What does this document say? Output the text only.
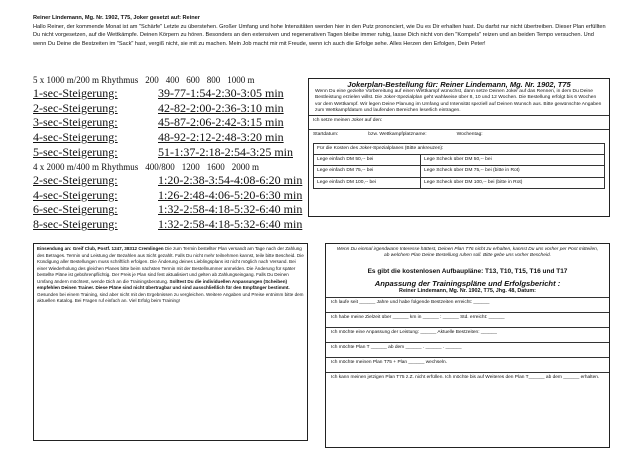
Reiner Lindemann, Mg. Nr. 1902, T75, Joker gesetzt auf: Reiner
Hallo Reiner, der kommende Monat ist am "Schärfe" Letzte zu überstehen. Großer Umfang und hohe Intensitäten werden hier in den Putz prononciert, wie Du es Dir erhalten hast. Du darfst nur nicht übertreiben. Dieser Plan erfüllten Du nicht vorgesetzen, auf die Wettkämpfe. Deinen Körpern zu hören. Besonders an den extensiven und regenerativen Tagen bleibe immer ruhig, lasse Dich nicht von den "Kompels" reizen und an beiden Tempo versuchen. Und wenn Du Deine die Bestzeiten im "Sack" hast, vergiß nicht, sie mit zu machen. Mein Job macht mir mit Freude, wenn ich auch die Erfolge sehe. Alles Herzen den Erfolgen, Dein Peter!
5 x 1000 m/200 m Rhythmus 200 400 600 800 1000 m
1-sec-Steigerung:	39-77-1:54-2:30-3:05 min
2-sec-Steigerung:	42-82-2:00-2:36-3:10 min
3-sec-Steigerung:	45-87-2:06-2:42-3:15 min
4-sec-Steigerung:	48-92-2:12-2:48-3:20 min
5-sec-Steigerung:	51-1:37-2:18-2:54-3:25 min
4 x 2000 m/400 m Rhythmus 400/800 1200 1600 2000 m
2-sec-Steigerung:	1:20-2:38-3:54-4:08-6:20 min
4-sec-Steigerung:	1:26-2:48-4:06-5:20-6:30 min
6-sec-Steigerung:	1:32-2:58-4:18-5:32-6:40 min
8-sec-Steigerung:	1:32-2:58-4:18-5:32-6:40 min
Jokerplan-Bestellung für: Reiner Lindemann, Mg. Nr. 1902, T75
Wenn Du eine gezielte Vorbereitung auf einen Wettkampf wünschst, dann setze Deinen Joker auf das Rennen, in dem Du Deine Bestleistung erzielen willst. Die Joker-Spezialplan geht wahlweise über 8, 10 und 12 Wochen. Die Bestellung erfolgt bis 6 Wochen vor dem Wettkampf. Wir legen Deine Planung im Umfang und Intensität speziell auf Deinen Wunsch aus. Bitte gewünschte Angaben zum Wettkampfdatum und laufenden Bereichen leserlich eintragen.
Ich setze meinen Joker auf den:
Startdatum:	bzw. Wettkampfplatzname:	Wochentag:
Für die Kosten des Joker-Spezialplanes (Bitte ankreuzen):
Lege einfach DM 50,-- bei	Lege Scheck über DM 50,-- bei
Lege einfach DM 75,-- bei	Lege Scheck über DM 75,-- bei (bitte in Rot)
Lege einfach DM 100,-- bei	Lege Scheck über DM 100,-- bei (bitte in Rot)
Einsendung an: Greif Club, Postf. 1247, 38312 Cremlingen Die zum Termin bestellter Plan versandt am Tage nach der Zahlung des Betrages. Termin und Leistung der Bezahlen aus Sicht gezahlt. Falls Du nicht mehr teilnehmen kannst, teile bitte Bescheid. Die Kündigung aller Bestellungen muss schriftlich erfolgen. Die Änderung deines Lieblingsplans ist nicht möglich nach Versand. Bei einer Wiederholung des gleichen Planes bitte beim nächsten Termin mit der Bestellnummer anmelden. Die Änderung für später bestellte Pläne ist gebührenpflichtig. Der Preis je Plan sind fest aktualisiert und gelten ab Zahlungseingang. Falls Du Deinen Umfang ändern möchtest, wende Dich an die Trainingsberatung. Solltest Du die individuellen Anpassungen (Scheiben) empfehlen Deinen Trainer. Diese Pläne sind nicht übertragbar und sind ausschließlich für den Empfänger bestimmt. Gesunden bei einem Training, sind aber nicht mit den Ergebnissen zu vergleichen. Weitere Angaben und Preise entnimm bitte dem aktuellen Katalog. Bei Fragen ruf einfach an. Viel Erfolg beim Training!
Wenn Du einmal irgendwann Interesse hättest, Deinen Plan T76 nicht zu erhalten, kannst Du uns vorher per Post mitteilen, ab welchem Plan Deine Bestellung ruhen soll. Bitte gebe uns vorher Bescheid.
Es gibt die kostenlosen Aufbaupläne: T13, T10, T15, T16 und T17
Anpassung der Trainingspläne und Erfolgsbericht :
Reiner Lindemann, Mg. Nr. 1902, T75, Jhg. 48, Datum:
Ich laufe seit ______ Jahre und habe folgende Bestzeiten erreicht: ______
Ich habe meine Zielzeit über ______ km in ______ : ______ Std. erreicht: ______
Ich möchte eine Anpassung der Leistung: ______ Aktuelle Bestzeiten: ______
Ich möchte Plan T ______ ab dem ______ . ______ . ______
Ich möchte meinen Plan T75 + Plan ______ wechseln.
Ich kann meinen jetzigen Plan T75 z.Z. nicht erfüllen. Ich möchte bis auf Weiteres den Plan T______ ab dem ______ erhalten.
